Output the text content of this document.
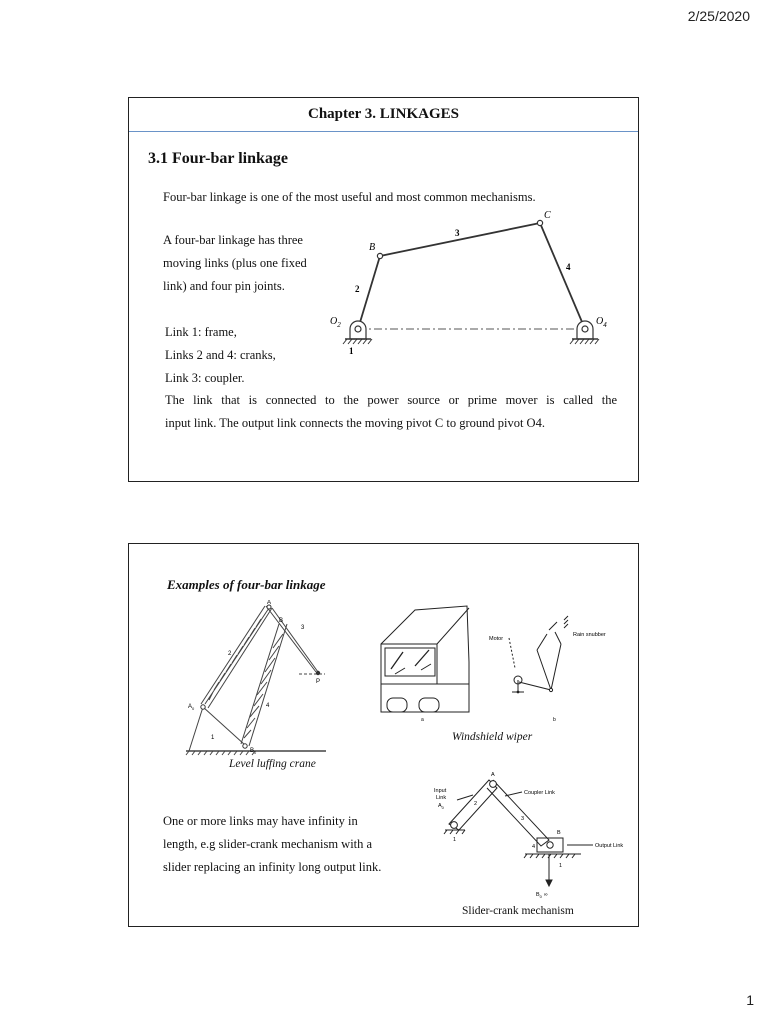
2/25/2020
Chapter 3. LINKAGES
3.1 Four-bar linkage
Four-bar linkage is one of the most useful and most common mechanisms.
A four-bar linkage has three
moving links (plus one fixed
link) and four pin joints.
Link 1: frame,
Links 2 and 4: cranks,
Link 3: coupler.
The link that is connected to the power source or prime mover is called the
input link. The output link connects the moving pivot C to ground pivot O4.
B
C
3
4
2
1
$O_2$	$O_4$
Examples of four-bar linkage
A
B
2
3
4
1
P
$A_0$
$B_0$
Level luffing crane
a
Motor
Rain snubber
b
Windshield wiper
One or more links may have infinity in
length, e.g slider-crank mechanism with a
slider replacing an infinity long output link.
Input
Link
$A_0$
A
2
Coupler Link
3
B
4	Output Link
1
1
$B_0$ ∞
Slider-crank mechanism
1
